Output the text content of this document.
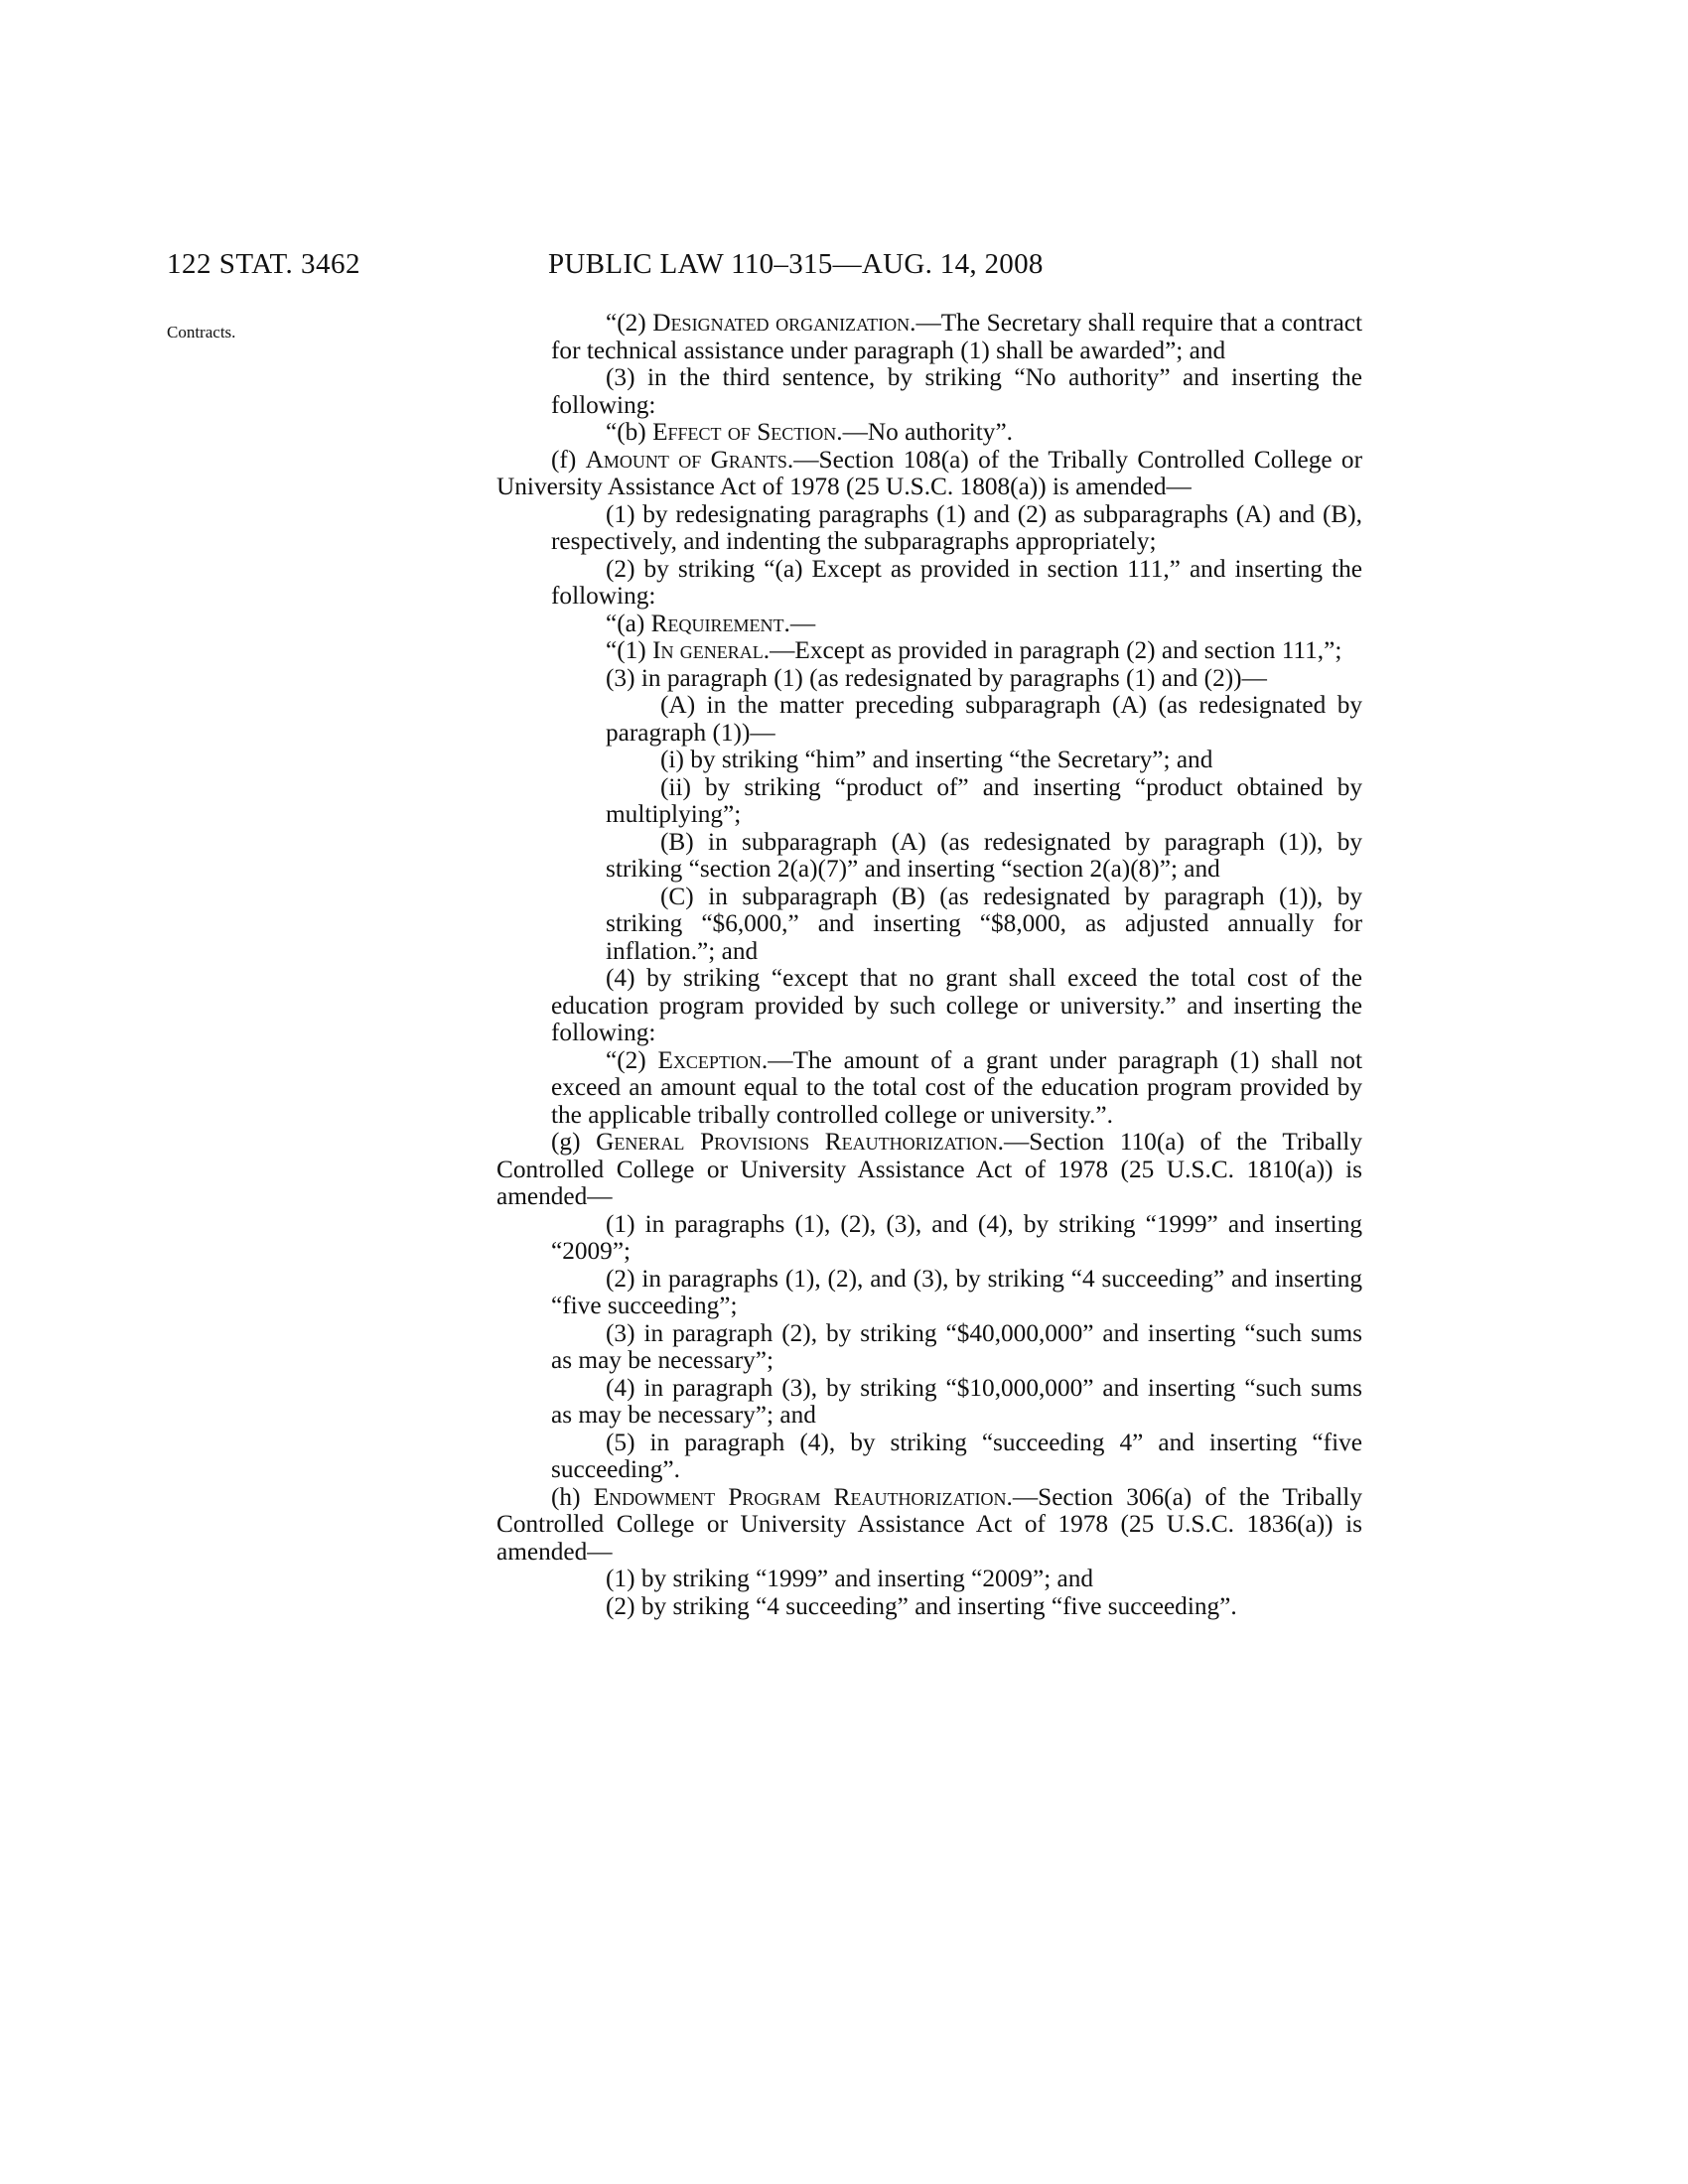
122 STAT. 3462	PUBLIC LAW 110–315—AUG. 14, 2008
Contracts.	“(2) Designated organization.—The Secretary shall require that a contract for technical assistance under paragraph (1) shall be awarded”; and

(3) in the third sentence, by striking “No authority” and inserting the following:

“(b) Effect of Section.—No authority”.

(f) Amount of Grants.—Section 108(a) of the Tribally Controlled College or University Assistance Act of 1978 (25 U.S.C. 1808(a)) is amended—

(1) by redesignating paragraphs (1) and (2) as subparagraphs (A) and (B), respectively, and indenting the subparagraphs appropriately;

(2) by striking “(a) Except as provided in section 111,” and inserting the following:

“(a) Requirement.—

“(1) In general.—Except as provided in paragraph (2) and section 111,”;

(3) in paragraph (1) (as redesignated by paragraphs (1) and (2))—

(A) in the matter preceding subparagraph (A) (as redesignated by paragraph (1))—

(i) by striking “him” and inserting “the Secretary”; and

(ii) by striking “product of” and inserting “product obtained by multiplying”;

(B) in subparagraph (A) (as redesignated by paragraph (1)), by striking “section 2(a)(7)” and inserting “section 2(a)(8)”; and

(C) in subparagraph (B) (as redesignated by paragraph (1)), by striking “$6,000,” and inserting “$8,000, as adjusted annually for inflation.”; and

(4) by striking “except that no grant shall exceed the total cost of the education program provided by such college or university.” and inserting the following:

“(2) Exception.—The amount of a grant under paragraph (1) shall not exceed an amount equal to the total cost of the education program provided by the applicable tribally controlled college or university.”.

(g) General Provisions Reauthorization.—Section 110(a) of the Tribally Controlled College or University Assistance Act of 1978 (25 U.S.C. 1810(a)) is amended—

(1) in paragraphs (1), (2), (3), and (4), by striking “1999” and inserting “2009”;

(2) in paragraphs (1), (2), and (3), by striking “4 succeeding” and inserting “five succeeding”;

(3) in paragraph (2), by striking “$40,000,000” and inserting “such sums as may be necessary”;

(4) in paragraph (3), by striking “$10,000,000” and inserting “such sums as may be necessary”; and

(5) in paragraph (4), by striking “succeeding 4” and inserting “five succeeding”.

(h) Endowment Program Reauthorization.—Section 306(a) of the Tribally Controlled College or University Assistance Act of 1978 (25 U.S.C. 1836(a)) is amended—

(1) by striking “1999” and inserting “2009”; and

(2) by striking “4 succeeding” and inserting “five succeeding”.
